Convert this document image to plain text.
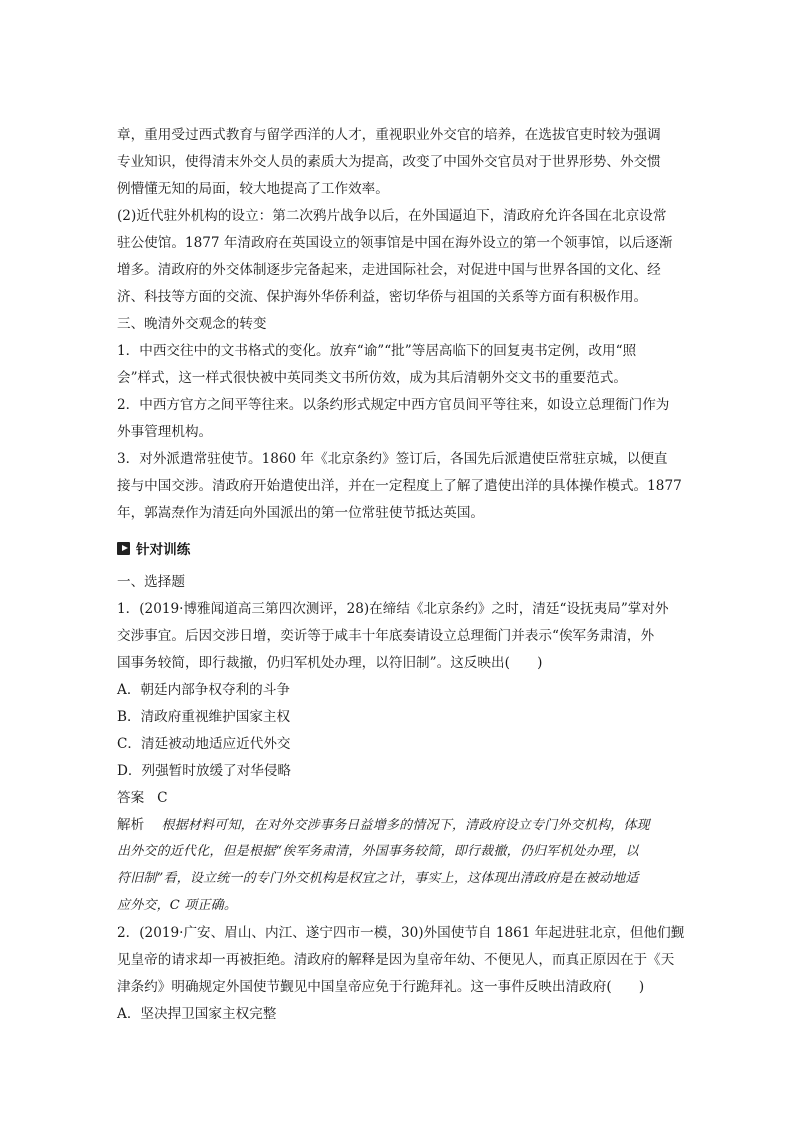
章，重用受过西式教育与留学西洋的人才，重视职业外交官的培养，在选拔官吏时较为强调
专业知识，使得清末外交人员的素质大为提高，改变了中国外交官员对于世界形势、外交惯
例懵懂无知的局面，较大地提高了工作效率。
(2)近代驻外机构的设立：第二次鸦片战争以后，在外国逼迫下，清政府允许各国在北京设常
驻公使馆。1877 年清政府在英国设立的领事馆是中国在海外设立的第一个领事馆，以后逐渐
增多。清政府的外交体制逐步完备起来，走进国际社会，对促进中国与世界各国的文化、经
济、科技等方面的交流、保护海外华侨利益，密切华侨与祖国的关系等方面有积极作用。
三、晚清外交观念的转变
1．中西交往中的文书格式的变化。放弃“谕”“批”等居高临下的回复夷书定例，改用“照
会”样式，这一样式很快被中英同类文书所仿效，成为其后清朝外交文书的重要范式。
2．中西方官方之间平等往来。以条约形式规定中西方官员间平等往来，如设立总理衙门作为
外事管理机构。
3．对外派遣常驻使节。1860 年《北京条约》签订后，各国先后派遣使臣常驻京城，以便直
接与中国交涉。清政府开始遣使出洋，并在一定程度上了解了遣使出洋的具体操作模式。1877
年，郭嵩焘作为清廷向外国派出的第一位常驻使节抵达英国。
针对训练
一、选择题
1．(2019·博雅闻道高三第四次测评，28)在缔结《北京条约》之时，清廷“设抚夷局”掌对外
交涉事宜。后因交涉日增，奕䜣等于咸丰十年底奏请设立总理衙门并表示“俟军务肃清，外
国事务较简，即行裁撤，仍归军机处办理，以符旧制”。这反映出(　　)
A．朝廷内部争权夺利的斗争
B．清政府重视维护国家主权
C．清廷被动地适应近代外交
D．列强暂时放缓了对华侵略
答案 C
解析 根据材料可知，在对外交涉事务日益增多的情况下，清政府设立专门外交机构，体现
出外交的近代化，但是根据“俟军务肃清，外国事务较简，即行裁撤，仍归军机处办理，以
符旧制”看，设立统一的专门外交机构是权宜之计，事实上，这体现出清政府是在被动地适
应外交，C 项正确。
2．(2019·广安、眉山、内江、遂宁四市一模，30)外国使节自 1861 年起进驻北京，但他们觐
见皇帝的请求却一再被拒绝。清政府的解释是因为皇帝年幼、不便见人，而真正原因在于《天
津条约》明确规定外国使节觐见中国皇帝应免于行跪拜礼。这一事件反映出清政府(　　)
A．坚决捍卫国家主权完整
